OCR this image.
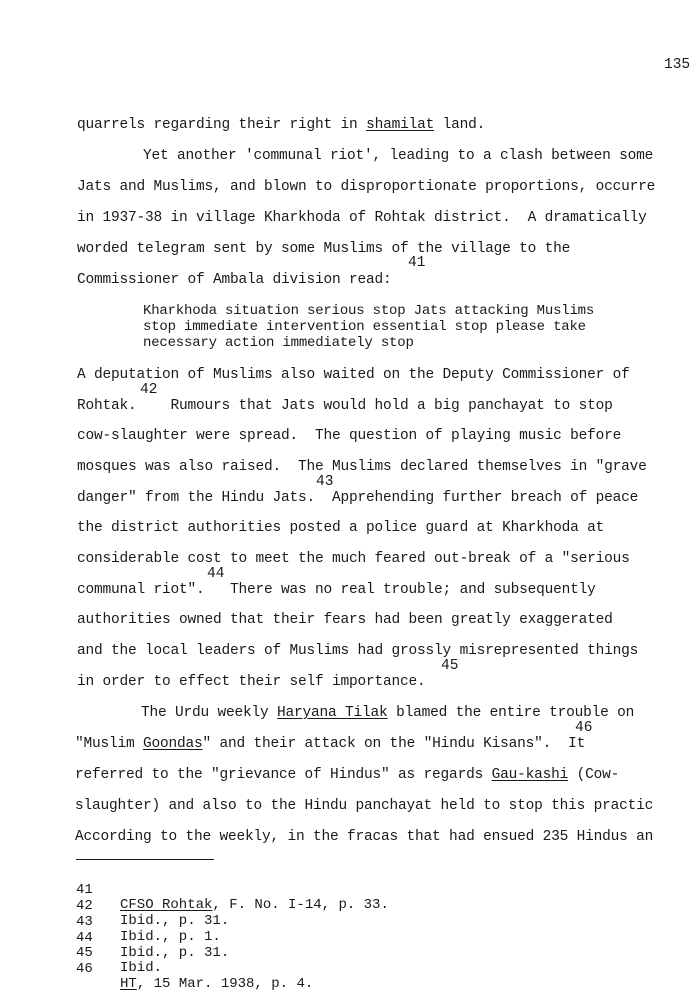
135
quarrels regarding their right in shamilat land.
Yet another 'communal riot', leading to a clash between some
Jats and Muslims, and blown to disproportionate proportions, occurre
in 1937-38 in village Kharkhoda of Rohtak district.  A dramatically
worded telegram sent by some Muslims of the village to the
41
Commissioner of Ambala division read:
Kharkhoda situation serious stop Jats attacking Muslims
stop immediate intervention essential stop please take
necessary action immediately stop
A deputation of Muslims also waited on the Deputy Commissioner of
42
Rohtak.    Rumours that Jats would hold a big panchayat to stop
cow-slaughter were spread.  The question of playing music before
mosques was also raised.  The Muslims declared themselves in "grave
43
danger" from the Hindu Jats.  Apprehending further breach of peace
the district authorities posted a police guard at Kharkhoda at
considerable cost to meet the much feared out-break of a "serious
44
communal riot".   There was no real trouble; and subsequently
authorities owned that their fears had been greatly exaggerated
and the local leaders of Muslims had grossly misrepresented things
45
in order to effect their self importance.
The Urdu weekly Haryana Tilak blamed the entire trouble on
46
"Muslim Goondas" and their attack on the "Hindu Kisans".  It
referred to the "grievance of Hindus" as regards Gau-kashi (Cow-
slaughter) and also to the Hindu panchayat held to stop this practic
According to the weekly, in the fracas that had ensued 235 Hindus an

41

CFSO Rohtak, F. No. I-14, p. 33.

42

Ibid., p. 31.

43

Ibid., p. 1.

44

Ibid., p. 31.

45

Ibid.

46

HT, 15 Mar. 1938, p. 4.
